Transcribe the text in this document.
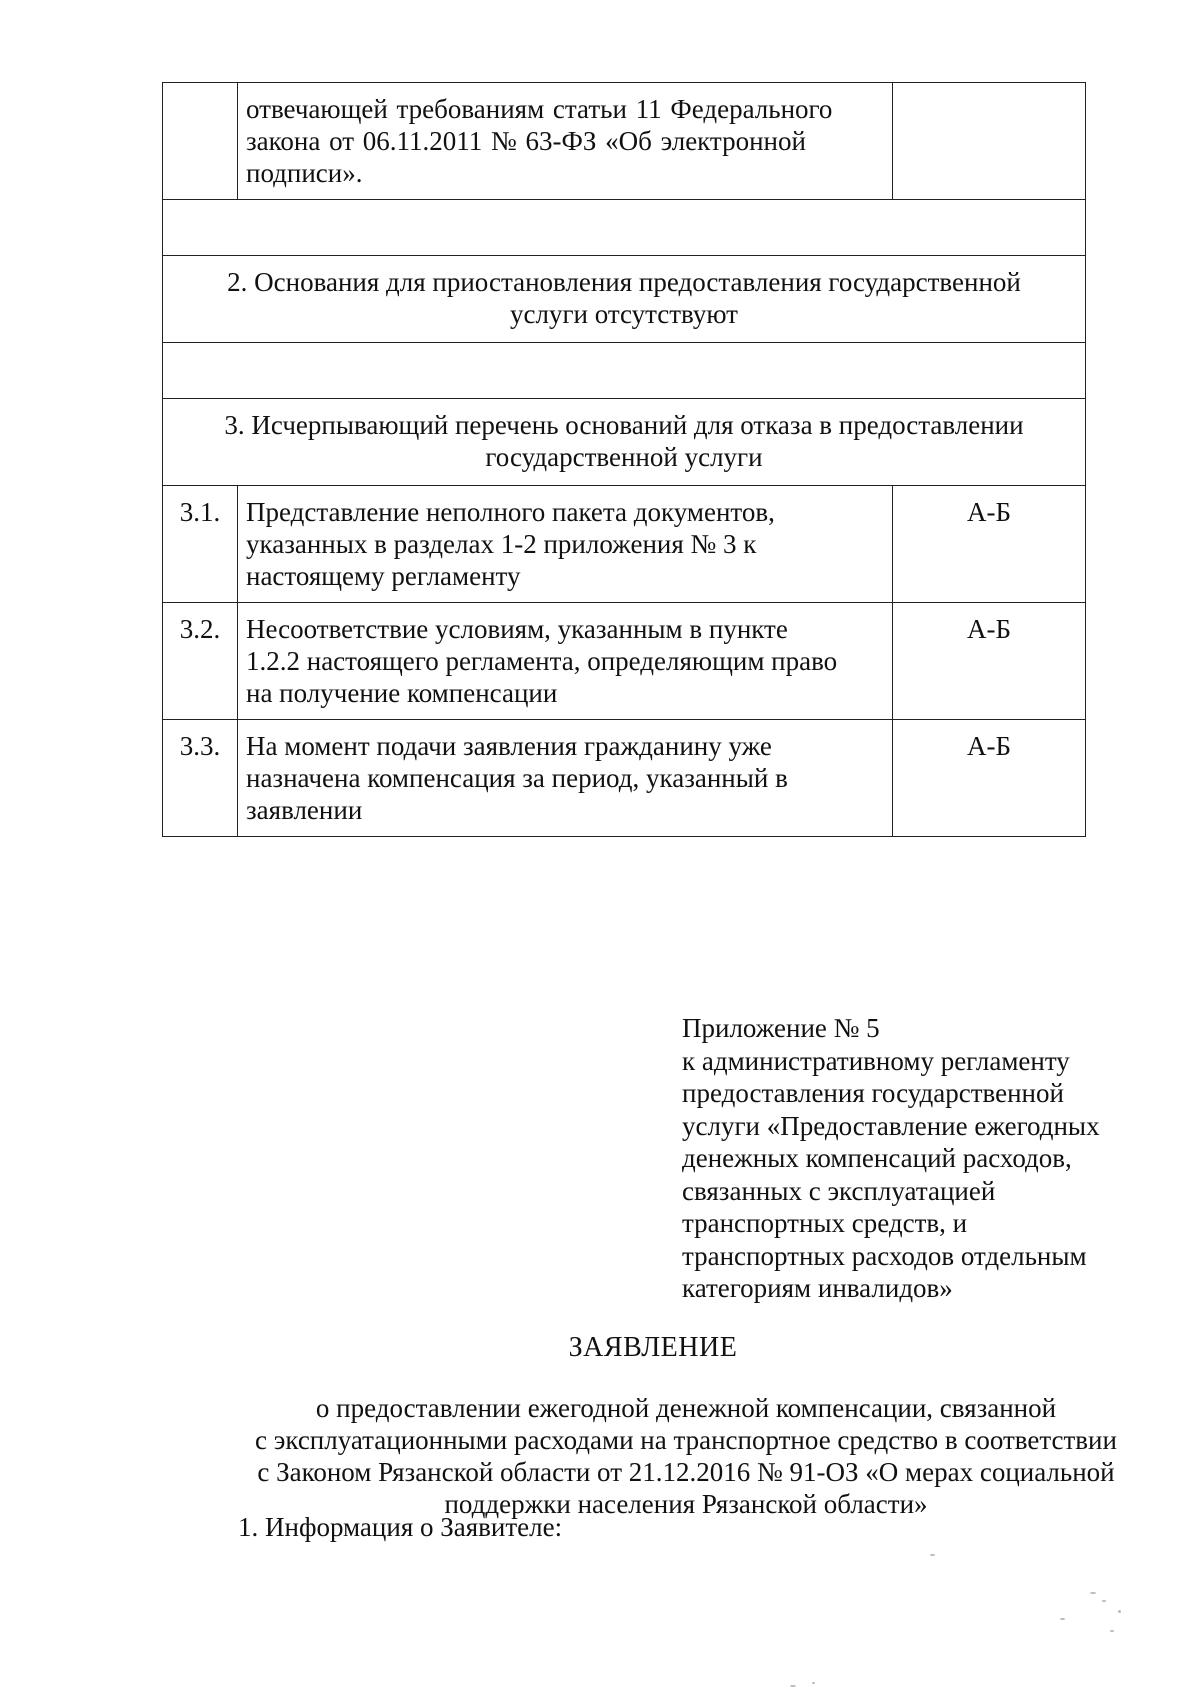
	отвечающей требованиям статьи 11 Федерального
закона от 06.11.2011 № 63-ФЗ «Об электронной
подписи».	

2. Основания для приостановления предоставления государственной
услуги отсутствуют		

3. Исчерпывающий перечень оснований для отказа в предоставлении
государственной услуги		

3.1.	Представление неполного пакета документов,
указанных в разделах 1-2 приложения № 3 к
настоящему регламенту	А-Б
3.2.	Несоответствие условиям, указанным в пункте
1.2.2 настоящего регламента, определяющим право
на получение компенсации	А-Б
3.3.	На момент подачи заявления гражданину уже
назначена компенсация за период, указанный в
заявлении	А-Б
Приложение № 5
к административному регламенту
предоставления государственной
услуги «Предоставление ежегодных
денежных компенсаций расходов,
связанных с эксплуатацией
транспортных средств, и
транспортных расходов отдельным
категориям инвалидов»
ЗАЯВЛЕНИЕ
о предоставлении ежегодной денежной компенсации, связанной
с эксплуатационными расходами на транспортное средство в соответствии
с Законом Рязанской области от 21.12.2016 № 91-ОЗ «О мерах социальной
поддержки населения Рязанской области»
1. Информация о Заявителе:
